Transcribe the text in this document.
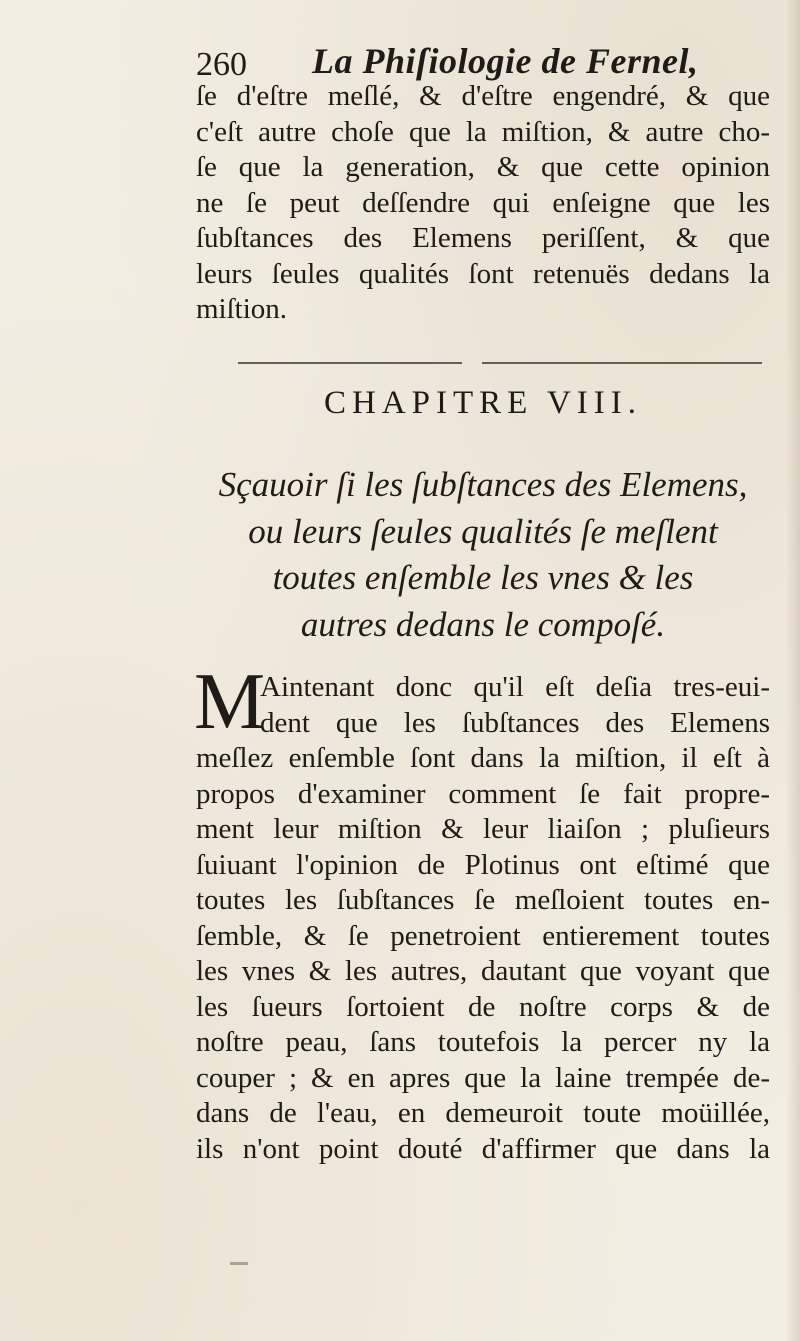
260 La Phiſiologie de Fernel,
ſe d'eſtre meſlé, & d'eſtre engendré, & que
c'eſt autre choſe que la miſtion, & autre cho-
ſe que la generation, & que cette opinion
ne ſe peut deſſendre qui enſeigne que les
ſubſtances des Elemens periſſent, & que
leurs ſeules qualités ſont retenuës dedans la
miſtion.
CHAPITRE VIII.
Sçauoir ſi les ſubſtances des Elemens,
ou leurs ſeules qualités ſe meſlent
toutes enſemble les vnes & les
autres dedans le compoſé.
M
Aintenant donc qu'il eſt deſia tres-eui-
dent que les ſubſtances des Elemens
meſlez enſemble ſont dans la miſtion, il eſt à
propos d'examiner comment ſe fait propre-
ment leur miſtion & leur liaiſon ; pluſieurs
ſuiuant l'opinion de Plotinus ont eſtimé que
toutes les ſubſtances ſe meſloient toutes en-
ſemble, & ſe penetroient entierement toutes
les vnes & les autres, dautant que voyant que
les ſueurs ſortoient de noſtre corps & de
noſtre peau, ſans toutefois la percer ny la
couper ; & en apres que la laine trempée de-
dans de l'eau, en demeuroit toute moüillée,
ils n'ont point douté d'affirmer que dans la
